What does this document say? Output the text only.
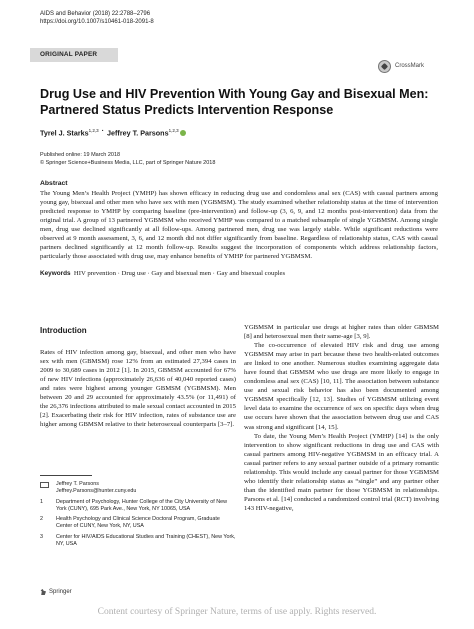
AIDS and Behavior (2018) 22:2788–2796
https://doi.org/10.1007/s10461-018-2091-8
ORIGINAL PAPER
CrossMark
Drug Use and HIV Prevention With Young Gay and Bisexual Men: Partnered Status Predicts Intervention Response
Tyrel J. Starks$^{1,2,3}$ · Jeffrey T. Parsons$^{1,2,3}$
Published online: 19 March 2018
© Springer Science+Business Media, LLC, part of Springer Nature 2018
Abstract
The Young Men’s Health Project (YMHP) has shown efficacy in reducing drug use and condomless anal sex (CAS) with casual partners among young gay, bisexual and other men who have sex with men (YGBMSM). The study examined whether relationship status at the time of intervention predicted response to YMHP by comparing baseline (pre-intervention) and follow-up (3, 6, 9, and 12 months post-intervention) data from the original trial. A group of 13 partnered YGBMSM who received YMHP was compared to a matched subsample of single YGBMSM. Among single men, drug use declined significantly at all follow-ups. Among partnered men, drug use was largely stable. While significant reductions were observed at 9 month assessment, 3, 6, and 12 month did not differ significantly from baseline. Regardless of relationship status, CAS with casual partners declined significantly at 12 month follow-up. Results suggest the incorporation of components which address relationship factors, particularly those associated with drug use, may enhance benefits of YMHP for partnered YGBMSM.
Keywords HIV prevention · Drug use · Gay and bisexual men · Gay and bisexual couples
Introduction
Rates of HIV infection among gay, bisexual, and other men who have sex with men (GBMSM) rose 12% from an estimated 27,394 cases in 2009 to 30,689 cases in 2012 [1]. In 2015, GBMSM accounted for 67% of new HIV infections (approximately 26,636 of 40,040 reported cases) and rates were highest among younger GBMSM (YGBMSM). Men between 20 and 29 accounted for approximately 43.5% (or 11,491) of the 26,376 infections attributed to male sexual contact accounted in 2015 [2]. Exacerbating their risk for HIV infection, rates of substance use are higher among GBMSM relative to their heterosexual counterparts [3–7].

YGBMSM in particular use drugs at higher rates than older GBMSM [8] and heterosexual men their same-age [3, 9].

The co-occurrence of elevated HIV risk and drug use among YGBMSM may arise in part because these two health-related outcomes are linked to one another. Numerous studies examining aggregate data have found that GBMSM who use drugs are more likely to engage in condomless anal sex (CAS) [10, 11]. The association between substance use and sexual risk behavior has also been documented among YGBMSM specifically [12, 13]. Studies of YGBMSM utilizing event level data to examine the occurrence of sex on specific days when drug use occurs have shown that the association between drug use and CAS was strong and significant [14, 15].

To date, the Young Men’s Health Project (YMHP) [14] is the only intervention to show significant reductions in drug use and CAS with casual partners among HIV-negative YGBMSM in an efficacy trial. A casual partner refers to any sexual partner outside of a primary romantic relationship. This would include any casual partner for those YGBMSM who identify their relationship status as “single” and any partner other than the identified main partner for those YGBMSM in relationships. Parsons et al. [14] conducted a randomized control trial (RCT) involving 143 HIV-negative,

Jeffrey T. Parsons
Jeffrey.Parsons@hunter.cuny.edu
1	Department of Psychology, Hunter College of the City University of New York (CUNY), 695 Park Ave., New York, NY 10065, USA
2	Health Psychology and Clinical Science Doctoral Program, Graduate Center of CUNY, New York, NY, USA
3	Center for HIV/AIDS Educational Studies and Training (CHEST), New York, NY, USA
Springer
Content courtesy of Springer Nature, terms of use apply. Rights reserved.
